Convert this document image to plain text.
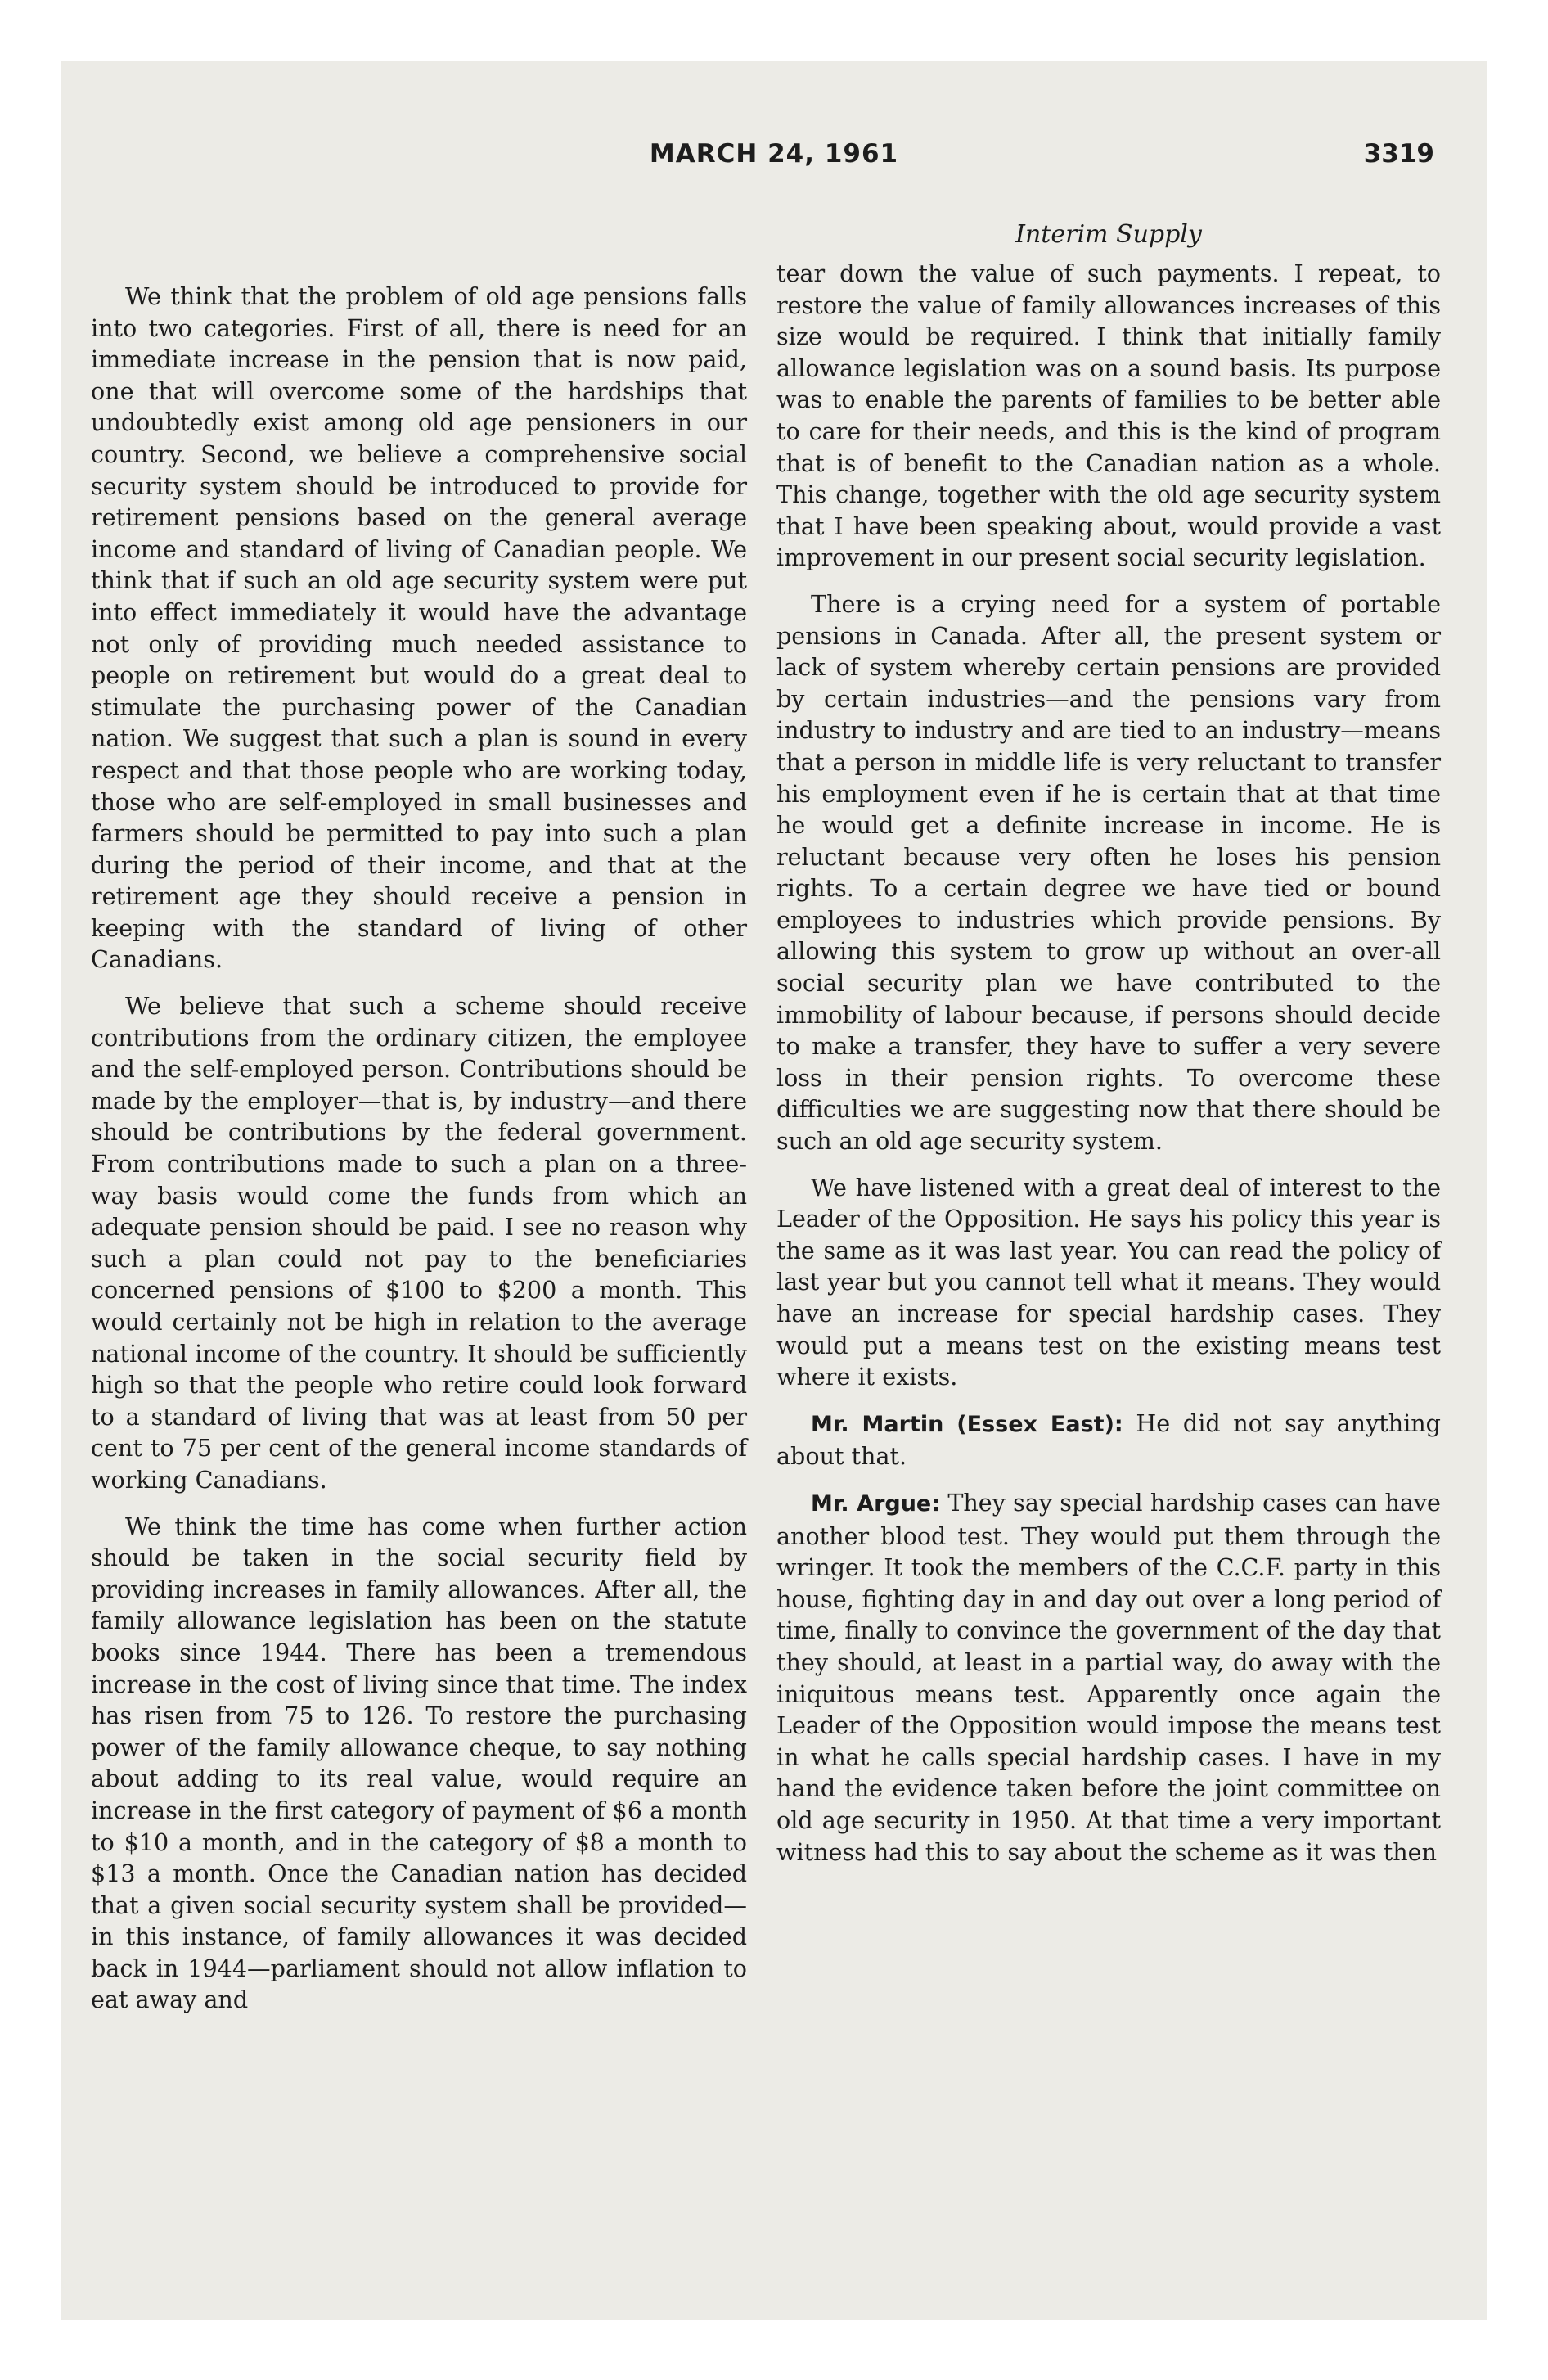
MARCH 24, 1961	3319

We think that the problem of old age pensions falls into two categories. First of all, there is need for an immediate increase in the pension that is now paid, one that will overcome some of the hardships that undoubtedly exist among old age pensioners in our country. Second, we believe a comprehensive social security system should be introduced to provide for retirement pensions based on the general average income and standard of living of Canadian people. We think that if such an old age security system were put into effect immediately it would have the advantage not only of providing much needed assistance to people on retirement but would do a great deal to stimulate the purchasing power of the Canadian nation. We suggest that such a plan is sound in every respect and that those people who are working today, those who are self-employed in small businesses and farmers should be permitted to pay into such a plan during the period of their income, and that at the retirement age they should receive a pension in keeping with the standard of living of other Canadians.

We believe that such a scheme should receive contributions from the ordinary citizen, the employee and the self-employed person. Contributions should be made by the employer—that is, by industry—and there should be contributions by the federal government. From contributions made to such a plan on a three-way basis would come the funds from which an adequate pension should be paid. I see no reason why such a plan could not pay to the beneficiaries concerned pensions of $100 to $200 a month. This would certainly not be high in relation to the average national income of the country. It should be sufficiently high so that the people who retire could look forward to a standard of living that was at least from 50 per cent to 75 per cent of the general income standards of working Canadians.

We think the time has come when further action should be taken in the social security field by providing increases in family allowances. After all, the family allowance legislation has been on the statute books since 1944. There has been a tremendous increase in the cost of living since that time. The index has risen from 75 to 126. To restore the purchasing power of the family allowance cheque, to say nothing about adding to its real value, would require an increase in the first category of payment of $6 a month to $10 a month, and in the category of $8 a month to $13 a month. Once the Canadian nation has decided that a given social security system shall be provided—in this instance, of family allowances it was decided back in 1944—parliament should not allow inflation to eat away and

Interim Supply

tear down the value of such payments. I repeat, to restore the value of family allowances increases of this size would be required. I think that initially family allowance legislation was on a sound basis. Its purpose was to enable the parents of families to be better able to care for their needs, and this is the kind of program that is of benefit to the Canadian nation as a whole. This change, together with the old age security system that I have been speaking about, would provide a vast improvement in our present social security legislation.

There is a crying need for a system of portable pensions in Canada. After all, the present system or lack of system whereby certain pensions are provided by certain industries—and the pensions vary from industry to industry and are tied to an industry—means that a person in middle life is very reluctant to transfer his employment even if he is certain that at that time he would get a definite increase in income. He is reluctant because very often he loses his pension rights. To a certain degree we have tied or bound employees to industries which provide pensions. By allowing this system to grow up without an over-all social security plan we have contributed to the immobility of labour because, if persons should decide to make a transfer, they have to suffer a very severe loss in their pension rights. To overcome these difficulties we are suggesting now that there should be such an old age security system.

We have listened with a great deal of interest to the Leader of the Opposition. He says his policy this year is the same as it was last year. You can read the policy of last year but you cannot tell what it means. They would have an increase for special hardship cases. They would put a means test on the existing means test where it exists.

Mr. Martin (Essex East): He did not say anything about that.

Mr. Argue: They say special hardship cases can have another blood test. They would put them through the wringer. It took the members of the C.C.F. party in this house, fighting day in and day out over a long period of time, finally to convince the government of the day that they should, at least in a partial way, do away with the iniquitous means test. Apparently once again the Leader of the Opposition would impose the means test in what he calls special hardship cases. I have in my hand the evidence taken before the joint committee on old age security in 1950. At that time a very important witness had this to say about the scheme as it was then
